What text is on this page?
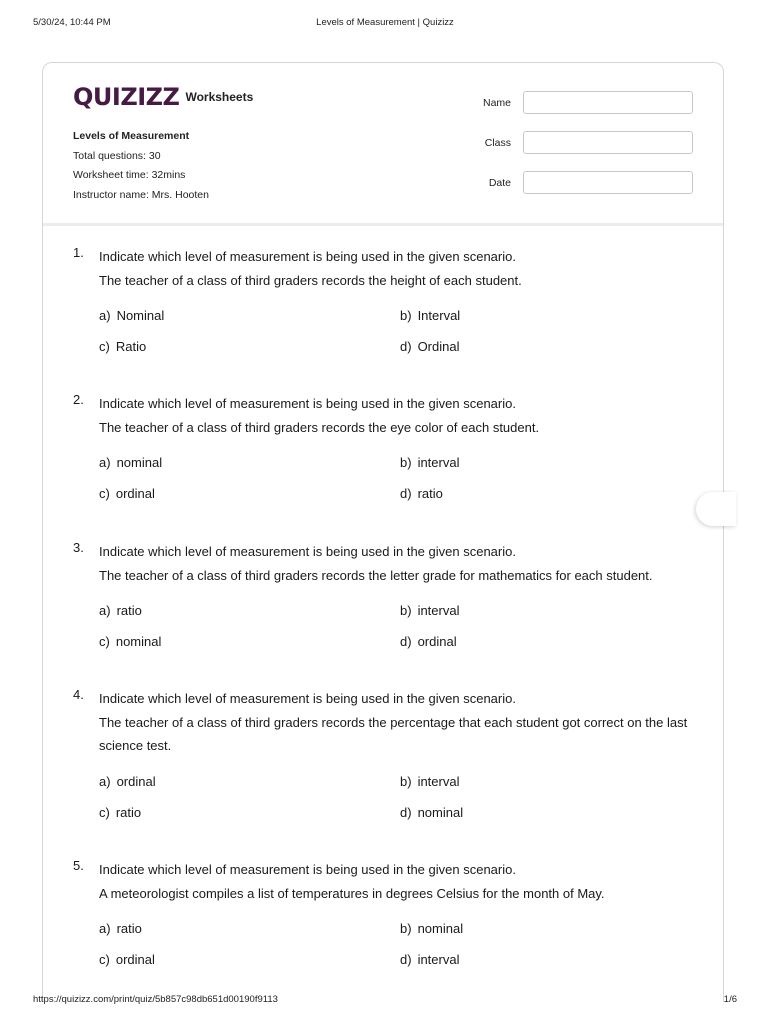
5/30/24, 10:44 PM	Levels of Measurement | Quizizz
QUIZIZZ Worksheets
Levels of Measurement
Total questions: 30
Worksheet time: 32mins
Instructor name: Mrs. Hooten
Name
Class
Date
1.	Indicate which level of measurement is being used in the given scenario.
The teacher of a class of third graders records the height of each student.
a) Nominal	b) Interval
c) Ratio	d) Ordinal
2.	Indicate which level of measurement is being used in the given scenario.
The teacher of a class of third graders records the eye color of each student.
a) nominal	b) interval
c) ordinal	d) ratio
3.	Indicate which level of measurement is being used in the given scenario.
The teacher of a class of third graders records the letter grade for mathematics for each student.
a) ratio	b) interval
c) nominal	d) ordinal
4.	Indicate which level of measurement is being used in the given scenario.
The teacher of a class of third graders records the percentage that each student got correct on the last science test.
a) ordinal	b) interval
c) ratio	d) nominal
5.	Indicate which level of measurement is being used in the given scenario.
A meteorologist compiles a list of temperatures in degrees Celsius for the month of May.
a) ratio	b) nominal
c) ordinal	d) interval
https://quizizz.com/print/quiz/5b857c98db651d00190f9113	1/6
